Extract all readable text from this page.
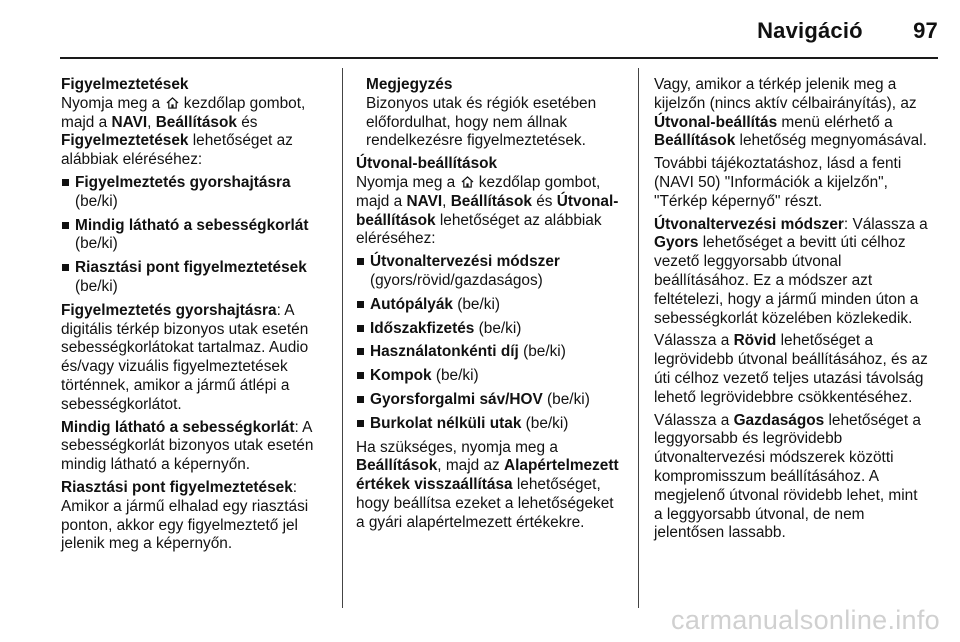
Navigáció 97
Figyelmeztetések

Nyomja meg a  kezdőlap gombot, majd a NAVI, Beállítások és Figyelmeztetések lehetőséget az alábbiak eléréséhez:

Figyelmeztetés gyorshajtásra (be/ki)
Mindig látható a sebességkorlát (be/ki)
Riasztási pont figyelmeztetések (be/ki)

Figyelmeztetés gyorshajtásra: A digitális térkép bizonyos utak esetén sebességkorlátokat tartalmaz. Audio és/vagy vizuális figyelmeztetések történnek, amikor a jármű átlépi a sebességkorlátot.

Mindig látható a sebességkorlát: A sebességkorlát bizonyos utak esetén mindig látható a képernyőn.

Riasztási pont figyelmeztetések: Amikor a jármű elhalad egy riasztási ponton, akkor egy figyelmeztető jel jelenik meg a képernyőn.

Megjegyzés
Bizonyos utak és régiók esetében előfordulhat, hogy nem állnak rendelkezésre figyelmeztetések.
Útvonal-beállítások

Nyomja meg a  kezdőlap gombot, majd a NAVI, Beállítások és Útvonal-beállítások lehetőséget az alábbiak eléréséhez:

Útvonaltervezési módszer (gyors/rövid/gazdaságos)
Autópályák (be/ki)
Időszakfizetés (be/ki)
Használatonkénti díj (be/ki)
Kompok (be/ki)
Gyorsforgalmi sáv/HOV (be/ki)
Burkolat nélküli utak (be/ki)

Ha szükséges, nyomja meg a Beállítások, majd az Alapértelmezett értékek visszaállítása lehetőséget, hogy beállítsa ezeket a lehetőségeket a gyári alapértelmezett értékekre.

Vagy, amikor a térkép jelenik meg a kijelzőn (nincs aktív célbairányítás), az Útvonal-beállítás menü elérhető a Beállítások lehetőség megnyomásával.

További tájékoztatáshoz, lásd a fenti (NAVI 50) "Információk a kijelzőn", "Térkép képernyő" részt.

Útvonaltervezési módszer: Válassza a Gyors lehetőséget a bevitt úti célhoz vezető leggyorsabb útvonal beállításához. Ez a módszer azt feltételezi, hogy a jármű minden úton a sebességkorlát közelében közlekedik.

Válassza a Rövid lehetőséget a legrövidebb útvonal beállításához, és az úti célhoz vezető teljes utazási távolság lehető legrövidebbre csökkentéséhez.

Válassza a Gazdaságos lehetőséget a leggyorsabb és legrövidebb útvonaltervezési módszerek közötti kompromisszum beállításához. A megjelenő útvonal rövidebb lehet, mint a leggyorsabb útvonal, de nem jelentősen lassabb.

carmanualsonline.info
